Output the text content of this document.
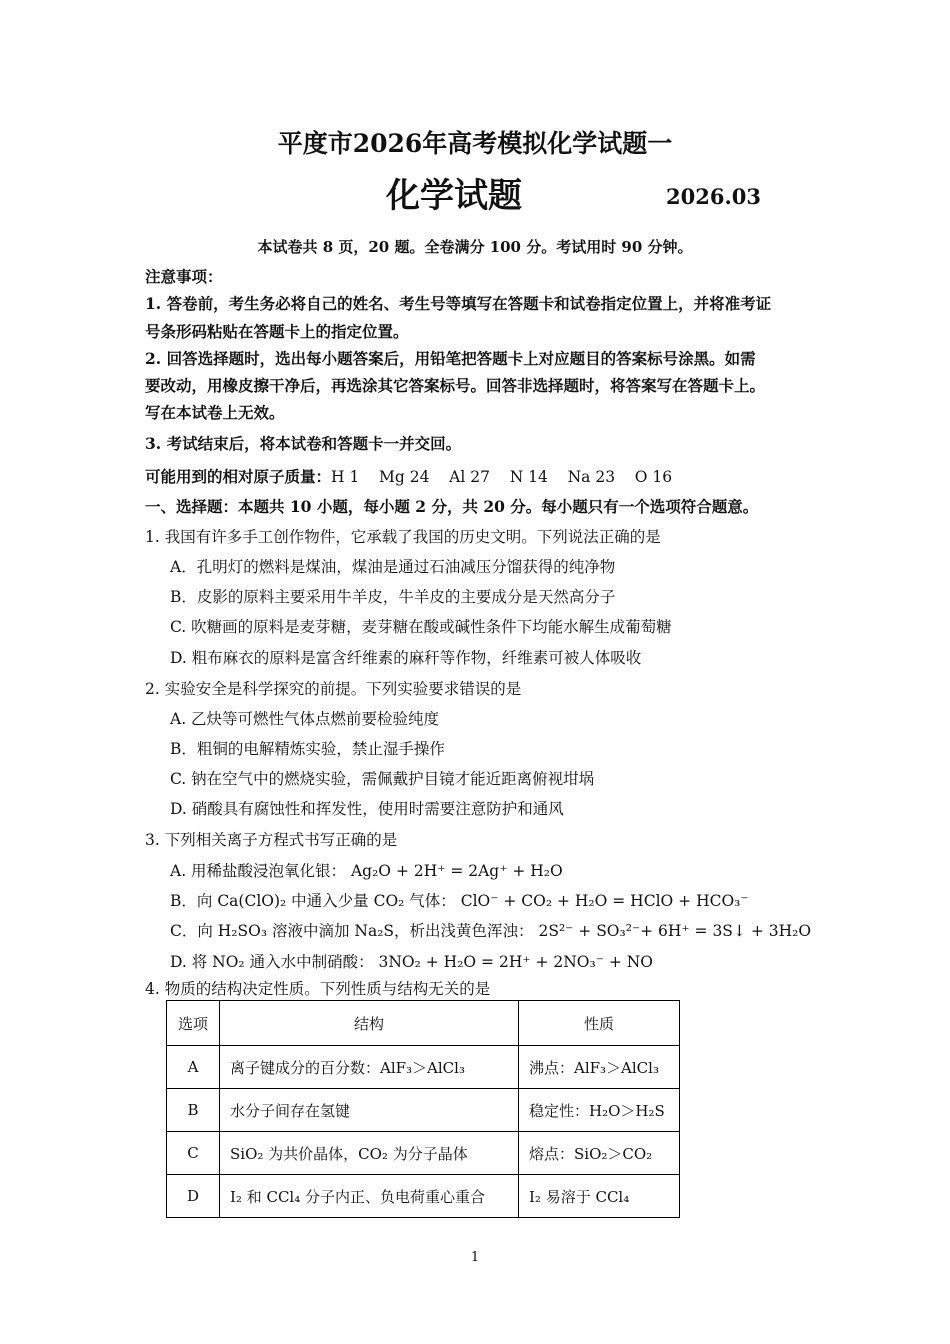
平度市2026年高考模拟化学试题一
化学试题	2026.03
本试卷共 8 页，20 题。全卷满分 100 分。考试用时 90 分钟。
注意事项：
1. 答卷前，考生务必将自己的姓名、考生号等填写在答题卡和试卷指定位置上，并将准考证
号条形码粘贴在答题卡上的指定位置。
2. 回答选择题时，选出每小题答案后，用铅笔把答题卡上对应题目的答案标号涂黑。如需
要改动，用橡皮擦干净后，再选涂其它答案标号。回答非选择题时，将答案写在答题卡上。
写在本试卷上无效。
3. 考试结束后，将本试卷和答题卡一并交回。
可能用到的相对原子质量：H 1    Mg 24    Al 27    N 14    Na 23    O 16
一、选择题：本题共 10 小题，每小题 2 分，共 20 分。每小题只有一个选项符合题意。
1. 我国有许多手工创作物件，它承载了我国的历史文明。下列说法正确的是
A．孔明灯的燃料是煤油，煤油是通过石油减压分馏获得的纯净物
B．皮影的原料主要采用牛羊皮，牛羊皮的主要成分是天然高分子
C. 吹糖画的原料是麦芽糖，麦芽糖在酸或碱性条件下均能水解生成葡萄糖
D. 粗布麻衣的原料是富含纤维素的麻秆等作物，纤维素可被人体吸收
2. 实验安全是科学探究的前提。下列实验要求错误的是
A. 乙炔等可燃性气体点燃前要检验纯度
B．粗铜的电解精炼实验，禁止湿手操作
C. 钠在空气中的燃烧实验，需佩戴护目镜才能近距离俯视坩埚
D. 硝酸具有腐蚀性和挥发性，使用时需要注意防护和通风
3. 下列相关离子方程式书写正确的是
A. 用稀盐酸浸泡氧化银： Ag₂O + 2H⁺ = 2Ag⁺ + H₂O
B．向 Ca(ClO)₂ 中通入少量 CO₂ 气体： ClO⁻ + CO₂ + H₂O = HClO + HCO₃⁻
C．向 H₂SO₃ 溶液中滴加 Na₂S，析出浅黄色浑浊： 2S²⁻ + SO₃²⁻+ 6H⁺ = 3S↓ + 3H₂O
D. 将 NO₂ 通入水中制硝酸： 3NO₂ + H₂O = 2H⁺ + 2NO₃⁻ + NO
4. 物质的结构决定性质。下列性质与结构无关的是
选项	结构	性质
A	离子键成分的百分数：AlF₃＞AlCl₃	沸点：AlF₃＞AlCl₃
B	水分子间存在氢键	稳定性：H₂O＞H₂S
C	SiO₂ 为共价晶体，CO₂ 为分子晶体	熔点：SiO₂＞CO₂
D	I₂ 和 CCl₄ 分子内正、负电荷重心重合	I₂ 易溶于 CCl₄
1
